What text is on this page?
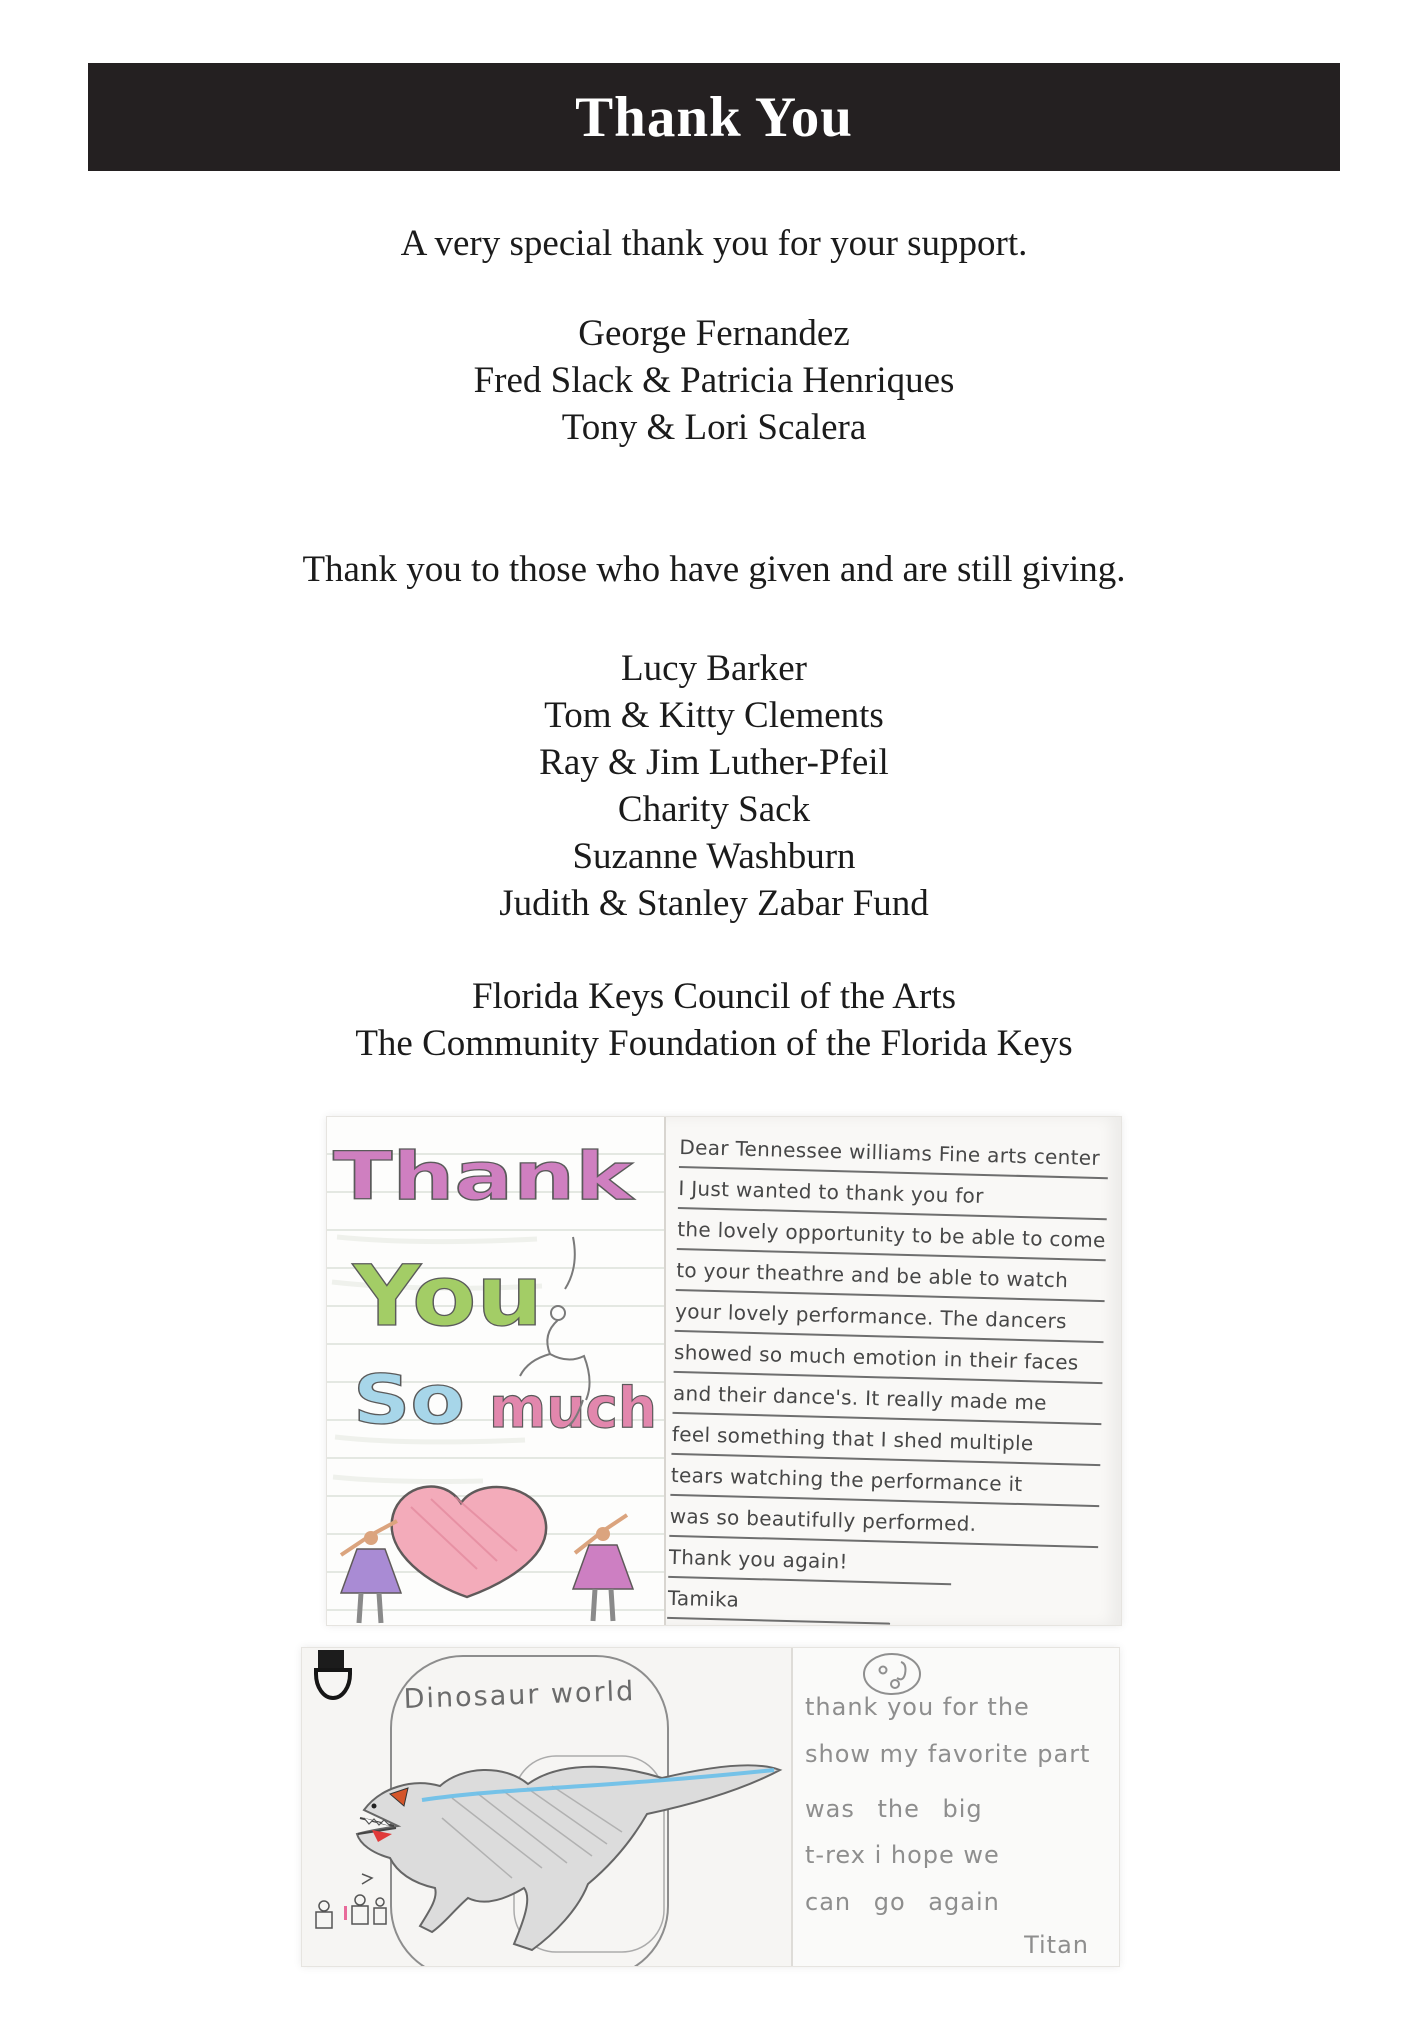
Thank You

A very special thank you for your support.

George Fernandez

Fred Slack & Patricia Henriques

Tony & Lori Scalera

Thank you to those who have given and are still giving.

Lucy Barker

Tom & Kitty Clements

Ray & Jim Luther-Pfeil

Charity Sack

Suzanne Washburn

Judith & Stanley Zabar Fund

Florida Keys Council of the Arts

The Community Foundation of the Florida Keys

Thank
You
So much
Dear Tennessee williams Fine arts center
I Just wanted to thank you for
the lovely opportunity to be able to come
to your theathre and be able to watch
your lovely performance. The dancers
showed so much emotion in their faces
and their dance's. It really made me
feel something that I shed multiple
tears watching the performance it
was so beautifully performed.
Thank you again!
Tamika
Dinosaur world	thank you for the
show my favorite part
was the big
t-rex i hope we
can go again
Titan
